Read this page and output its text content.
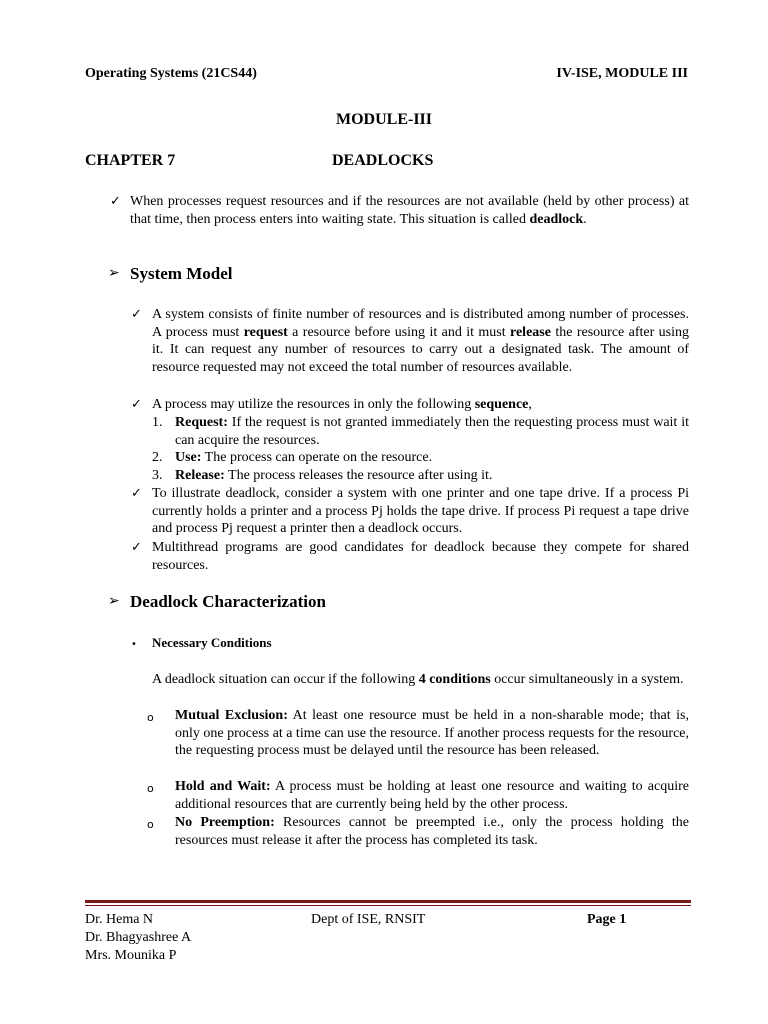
Operating Systems (21CS44)	IV-ISE, MODULE III
MODULE-III
CHAPTER 7	DEADLOCKS
✓ When processes request resources and if the resources are not available (held by other process) at that time, then process enters into waiting state. This situation is called deadlock.
➢ System Model
✓ A system consists of finite number of resources and is distributed among number of processes. A process must request a resource before using it and it must release the resource after using it. It can request any number of resources to carry out a designated task. The amount of resource requested may not exceed the total number of resources available.
✓ A process may utilize the resources in only the following sequence,
1. Request: If the request is not granted immediately then the requesting process must wait it can acquire the resources.
2. Use: The process can operate on the resource.
3. Release: The process releases the resource after using it.
✓ To illustrate deadlock, consider a system with one printer and one tape drive. If a process Pi currently holds a printer and a process Pj holds the tape drive. If process Pi request a tape drive and process Pj request a printer then a deadlock occurs.
✓ Multithread programs are good candidates for deadlock because they compete for shared resources.
➢ Deadlock Characterization
• Necessary Conditions
A deadlock situation can occur if the following 4 conditions occur simultaneously in a system.
o Mutual Exclusion: At least one resource must be held in a non-sharable mode; that is, only one process at a time can use the resource. If another process requests for the resource, the requesting process must be delayed until the resource has been released.
o Hold and Wait: A process must be holding at least one resource and waiting to acquire additional resources that are currently being held by the other process.
o No Preemption: Resources cannot be preempted i.e., only the process holding the resources must release it after the process has completed its task.
Dr. Hema N
Dr. Bhagyashree A
Mrs. Mounika P
Dept of ISE, RNSIT	Page 1
